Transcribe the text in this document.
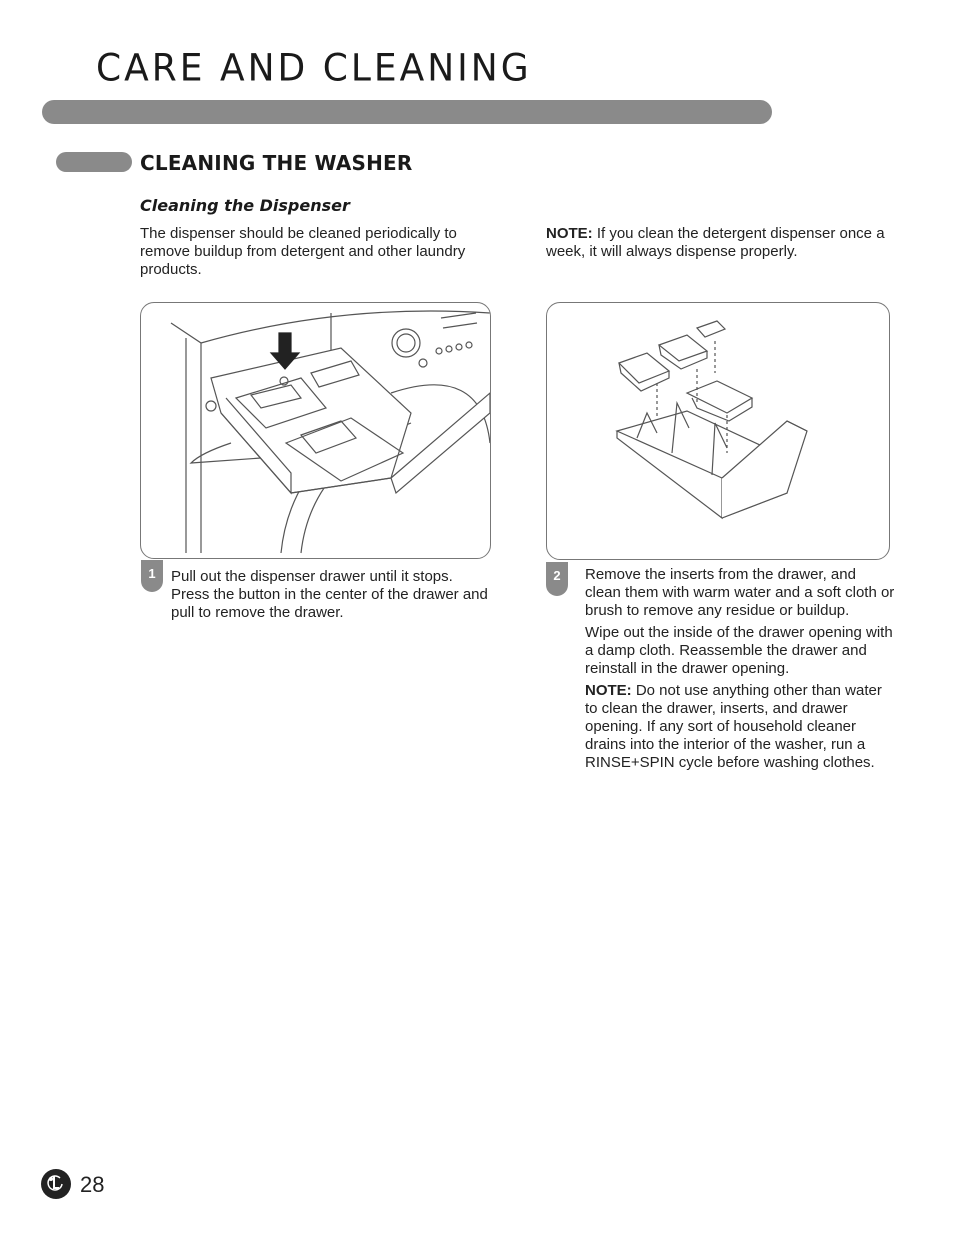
CARE AND CLEANING
CLEANING THE WASHER
Cleaning the Dispenser
The dispenser should be cleaned periodically to remove buildup from detergent and other laundry products.
NOTE: If you clean the detergent dispenser once a week, it will always dispense properly.
1	Pull out the dispenser drawer until it stops. Press the button in the center of the drawer and pull to remove the drawer.
2	Remove the inserts from the drawer, and clean them with warm water and a soft cloth or brush to remove any residue or buildup.

Wipe out the inside of the drawer opening with a damp cloth. Reassemble the drawer and reinstall in the drawer opening.

NOTE: Do not use anything other than water to clean the drawer, inserts, and drawer opening. If any sort of household cleaner drains into the interior of the washer, run a RINSE+SPIN cycle before washing clothes.

28
